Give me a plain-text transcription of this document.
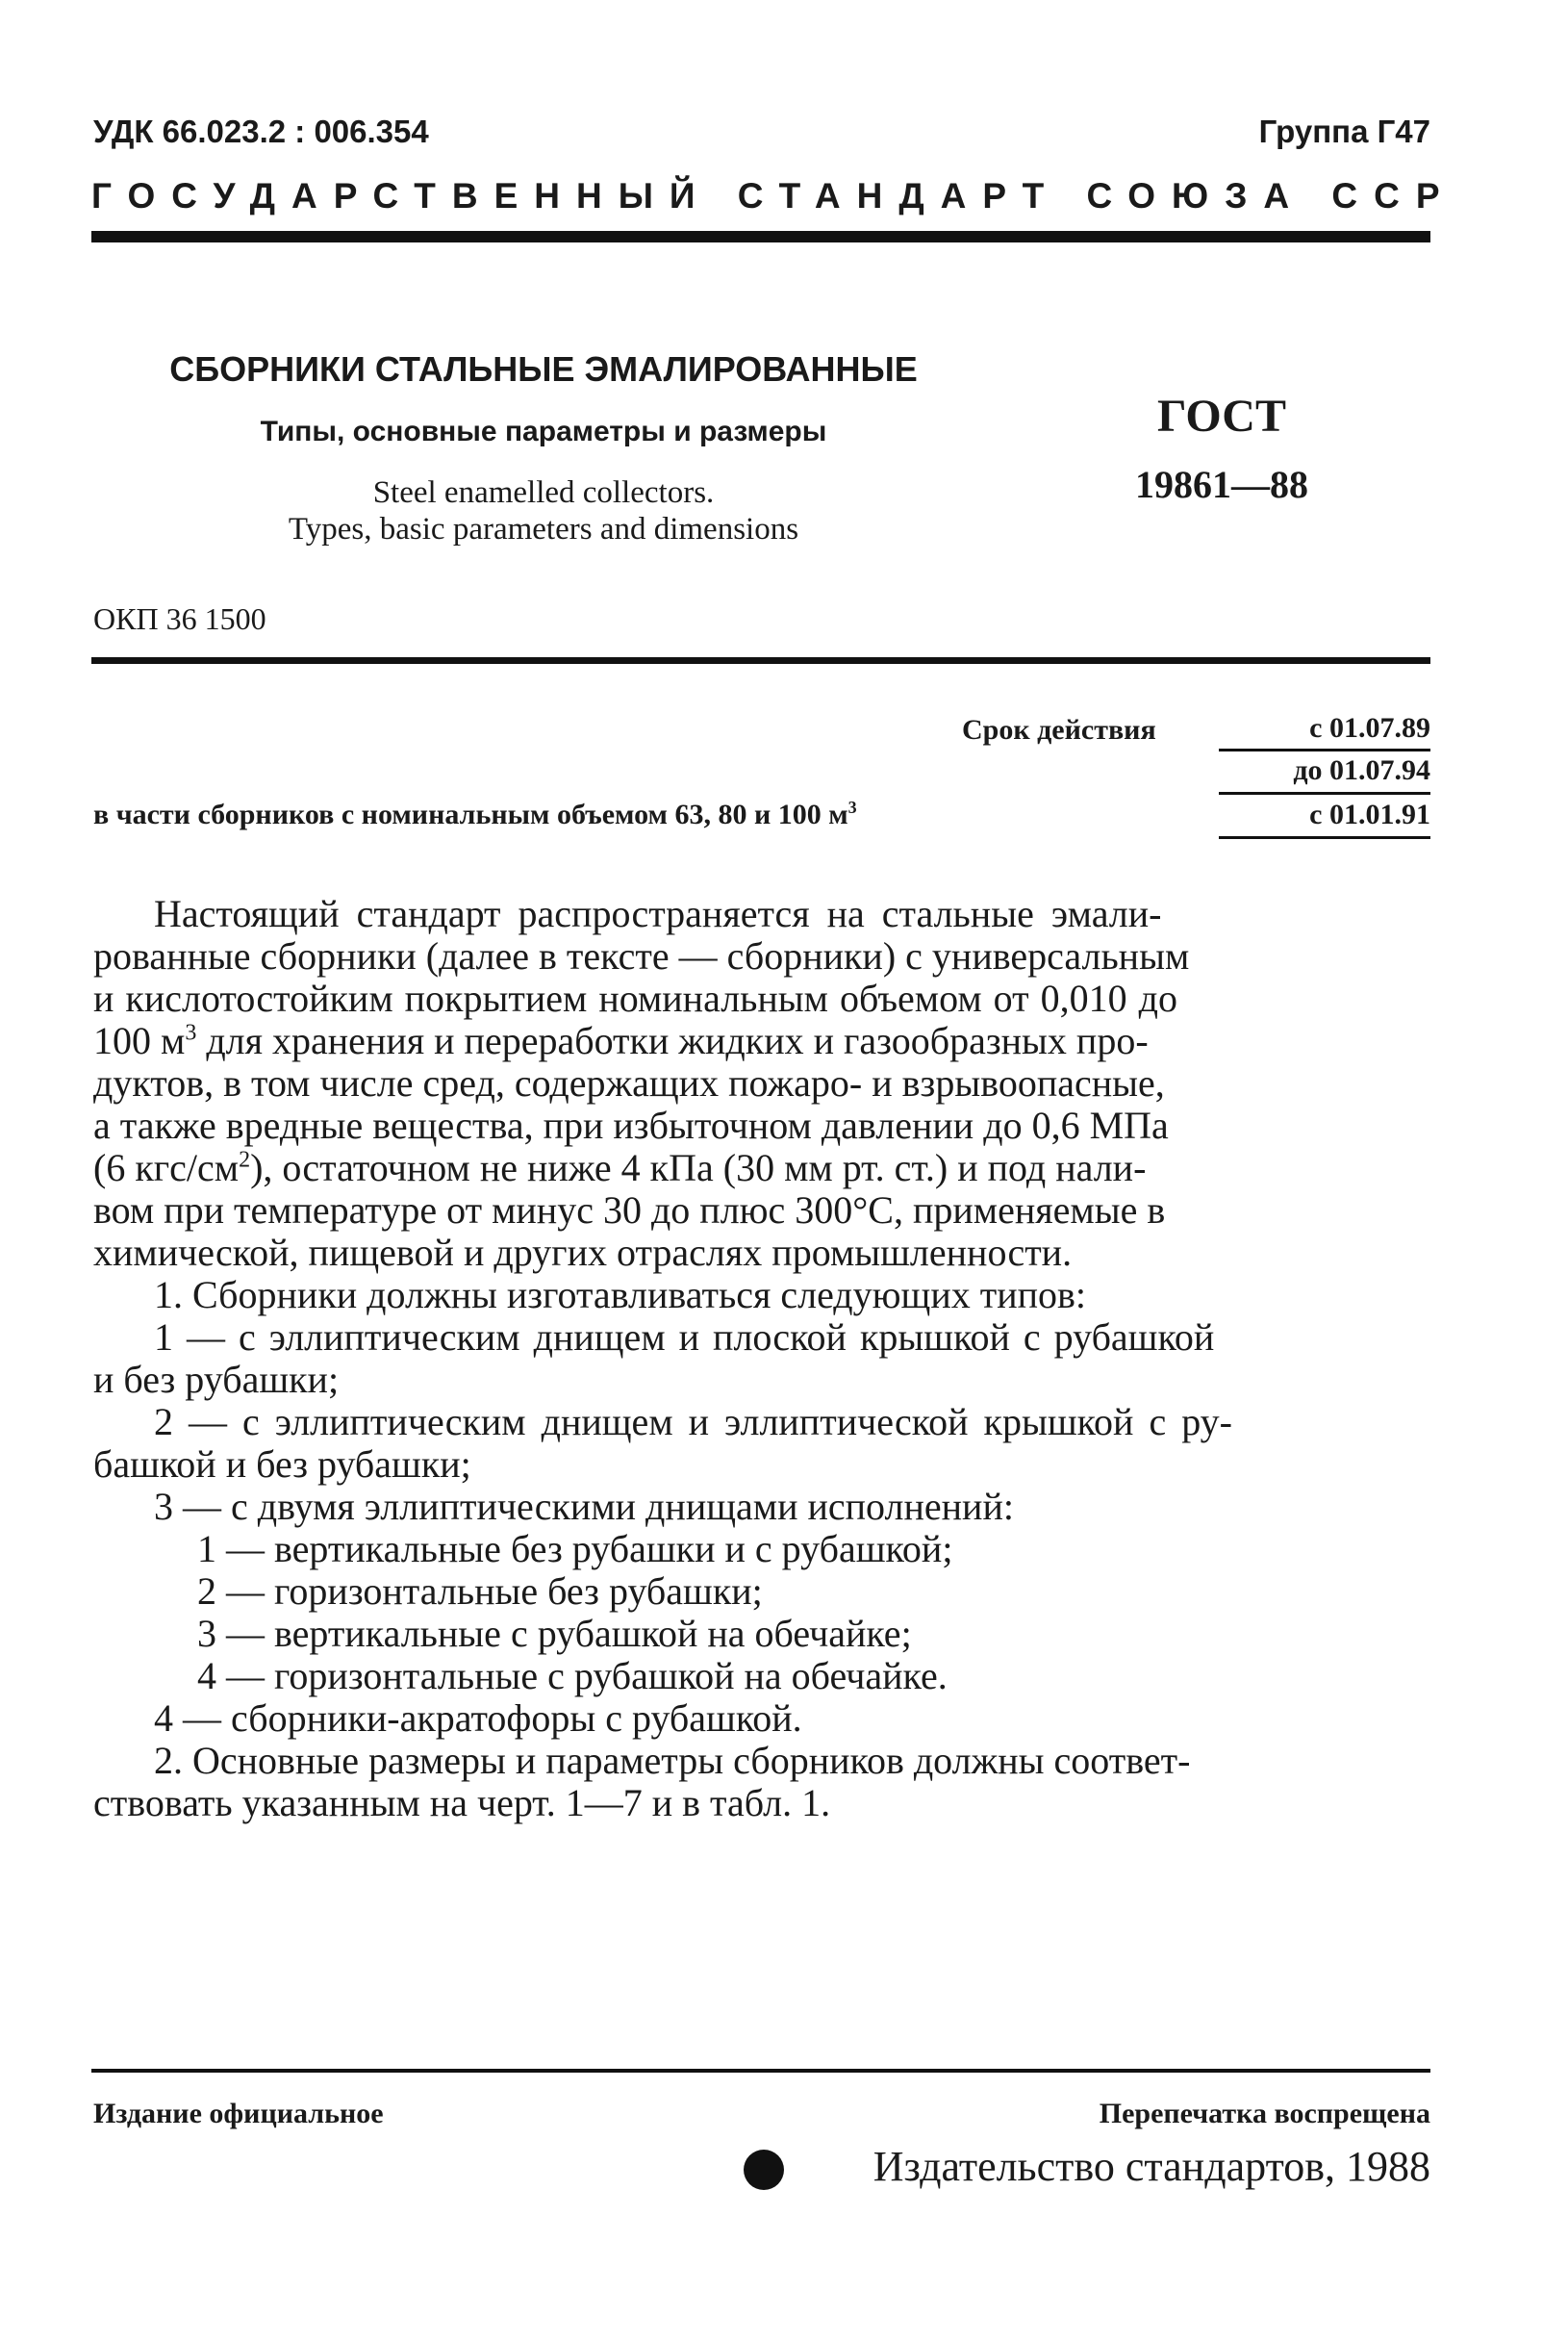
УДК 66.023.2 : 006.354	Группа Г47
ГОСУДАРСТВЕННЫЙ СТАНДАРТ СОЮЗА ССР
СБОРНИКИ СТАЛЬНЫЕ ЭМАЛИРОВАННЫЕ
Типы, основные параметры и размеры
Steel enamelled collectors.
Types, basic parameters and dimensions
ГОСТ
19861—88
ОКП 36 1500
Срок действия	с 01.07.89
до 01.07.94
в части сборников с номинальным объемом 63, 80 и 100 $м^3$	с 01.01.91
Настоящий стандарт распространяется на стальные эмали-
рованные сборники (далее в тексте — сборники) с универсальным
и кислотостойким покрытием номинальным объемом от 0,010 до
100 $м^3$ для хранения и переработки жидких и газообразных про-
дуктов, в том числе сред, содержащих пожаро- и взрывоопасные,
а также вредные вещества, при избыточном давлении до 0,6 МПа
(6 кгс/$см^2$), остаточном не ниже 4 кПа (30 мм рт. ст.) и под нали-
вом при температуре от минус 30 до плюс 300°С, применяемые в
химической, пищевой и других отраслях промышленности.
1. Сборники должны изготавливаться следующих типов:
1 — с эллиптическим днищем и плоской крышкой с рубашкой
и без рубашки;
2 — с эллиптическим днищем и эллиптической крышкой с ру-
башкой и без рубашки;
3 — с двумя эллиптическими днищами исполнений:
1 — вертикальные без рубашки и с рубашкой;
2 — горизонтальные без рубашки;
3 — вертикальные с рубашкой на обечайке;
4 — горизонтальные с рубашкой на обечайке.
4 — сборники-акратофоры с рубашкой.
2. Основные размеры и параметры сборников должны соответ-
ствовать указанным на черт. 1—7 и в табл. 1.
Издание официальное	Перепечатка воспрещена
Издательство стандартов, 1988
